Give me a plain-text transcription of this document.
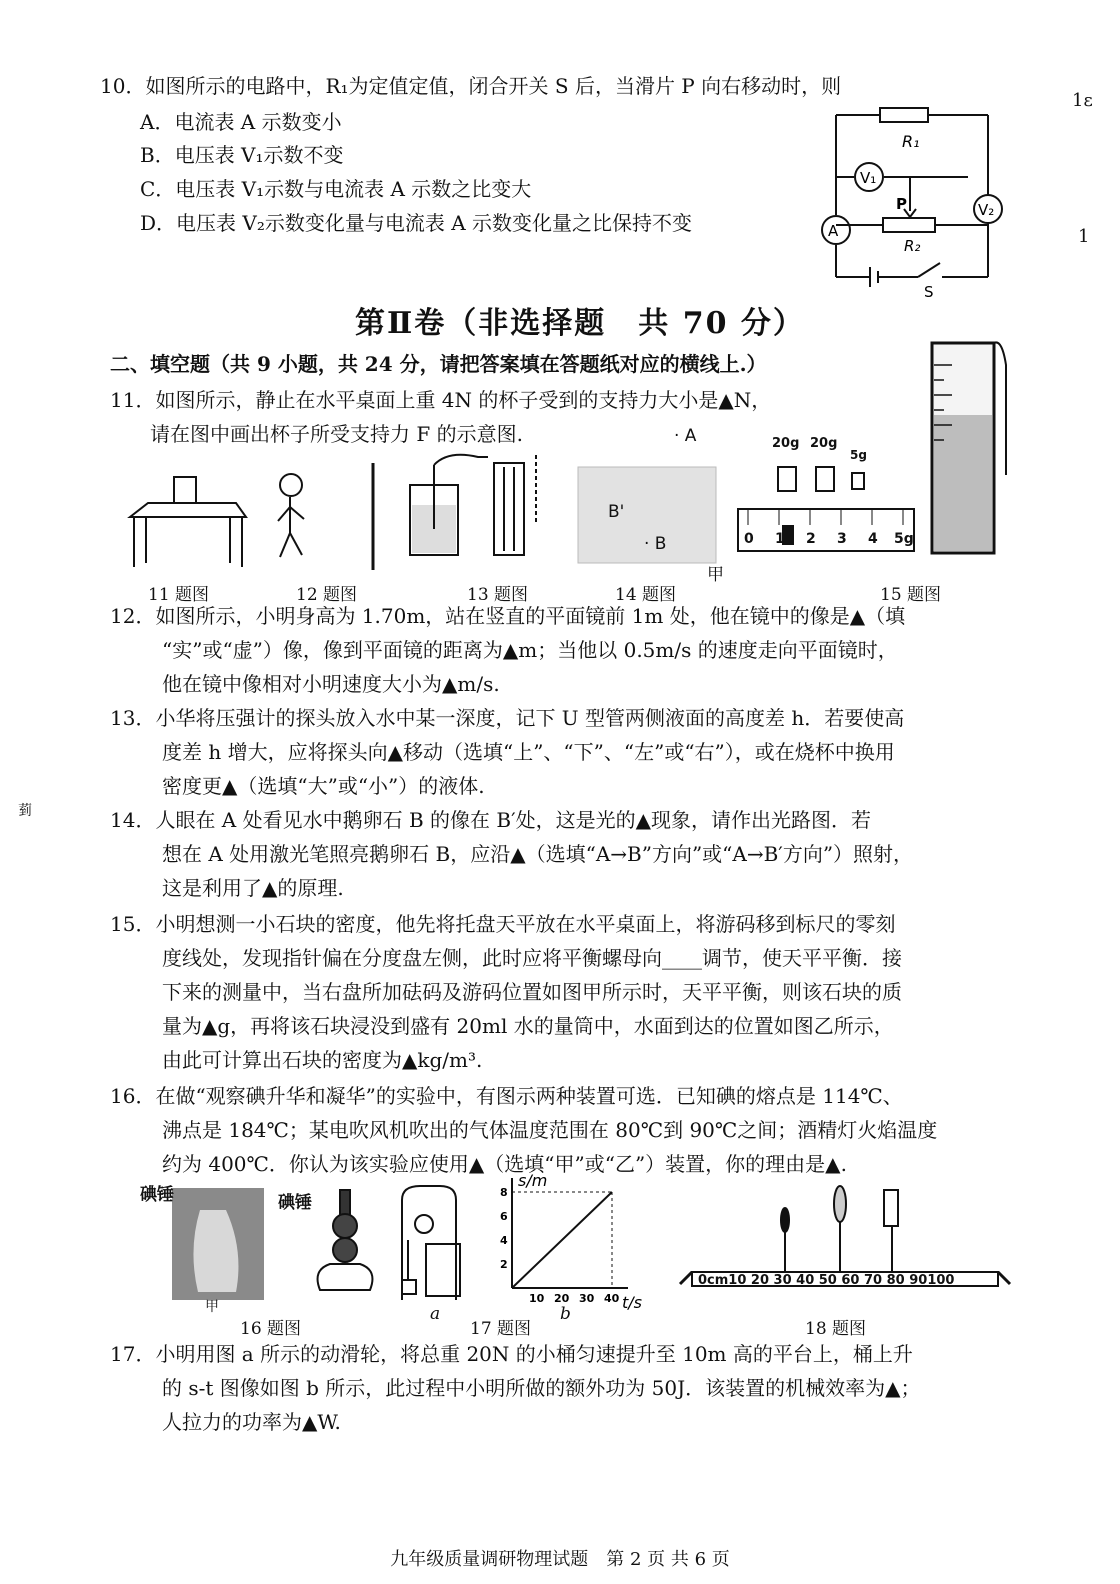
1ε
1
菿
10．如图所示的电路中，R₁为定值定值，闭合开关 S 后，当滑片 P 向右移动时，则
A．电流表 A 示数变小
B．电压表 V₁示数不变
C．电压表 V₁示数与电流表 A 示数之比变大
D．电压表 V₂示数变化量与电流表 A 示数变化量之比保持不变
R₁
V₁
A
V₂
P
R₂
S
第Ⅱ卷（非选择题　共 70 分）
二、填空题（共 9 小题，共 24 分，请把答案填在答题纸对应的横线上.）
11．如图所示，静止在水平桌面上重 4N 的杯子受到的支持力大小是▲N，
请在图中画出杯子所受支持力 F 的示意图.	· A
B'
· B
20g 20g
5g
0 1 2 3 4 5g
甲
11 题图	12 题图	13 题图	14 题图	15 题图
12．如图所示，小明身高为 1.70m，站在竖直的平面镜前 1m 处，他在镜中的像是▲（填
“实”或“虚”）像，像到平面镜的距离为▲m；当他以 0.5m/s 的速度走向平面镜时，
他在镜中像相对小明速度大小为▲m/s.
13．小华将压强计的探头放入水中某一深度，记下 U 型管两侧液面的高度差 h．若要使高
度差 h 增大，应将探头向▲移动（选填“上”、“下”、“左”或“右”），或在烧杯中换用
密度更▲（选填“大”或“小”）的液体.
14．人眼在 A 处看见水中鹅卵石 B 的像在 B′处，这是光的▲现象，请作出光路图．若
想在 A 处用激光笔照亮鹅卵石 B，应沿▲（选填“A→B”方向”或“A→B′方向”）照射，
这是利用了▲的原理.
15．小明想测一小石块的密度，他先将托盘天平放在水平桌面上，将游码移到标尺的零刻
度线处，发现指针偏在分度盘左侧，此时应将平衡螺母向____调节，使天平平衡．接
下来的测量中，当右盘所加砝码及游码位置如图甲所示时，天平平衡，则该石块的质
量为▲g，再将该石块浸没到盛有 20ml 水的量筒中，水面到达的位置如图乙所示，
由此可计算出石块的密度为▲kg/m³.
16．在做“观察碘升华和凝华”的实验中，有图示两种装置可选．已知碘的熔点是 114℃、
沸点是 184℃；某电吹风机吹出的气体温度范围在 80℃到 90℃之间；酒精灯火焰温度
约为 400℃．你认为该实验应使用▲（选填“甲”或“乙”）装置，你的理由是▲.
s/m
t/s
10 20 30 40
2
4
6
8
0cm10 20 30 40 50 60 70 80 90100
碘锤	碘锤
甲
16 题图
a
17 题图
b
18 题图
17．小明用图 a 所示的动滑轮，将总重 20N 的小桶匀速提升至 10m 高的平台上，桶上升
的 s-t 图像如图 b 所示，此过程中小明所做的额外功为 50J．该装置的机械效率为▲；
人拉力的功率为▲W.
九年级质量调研物理试题　第 2 页 共 6 页
